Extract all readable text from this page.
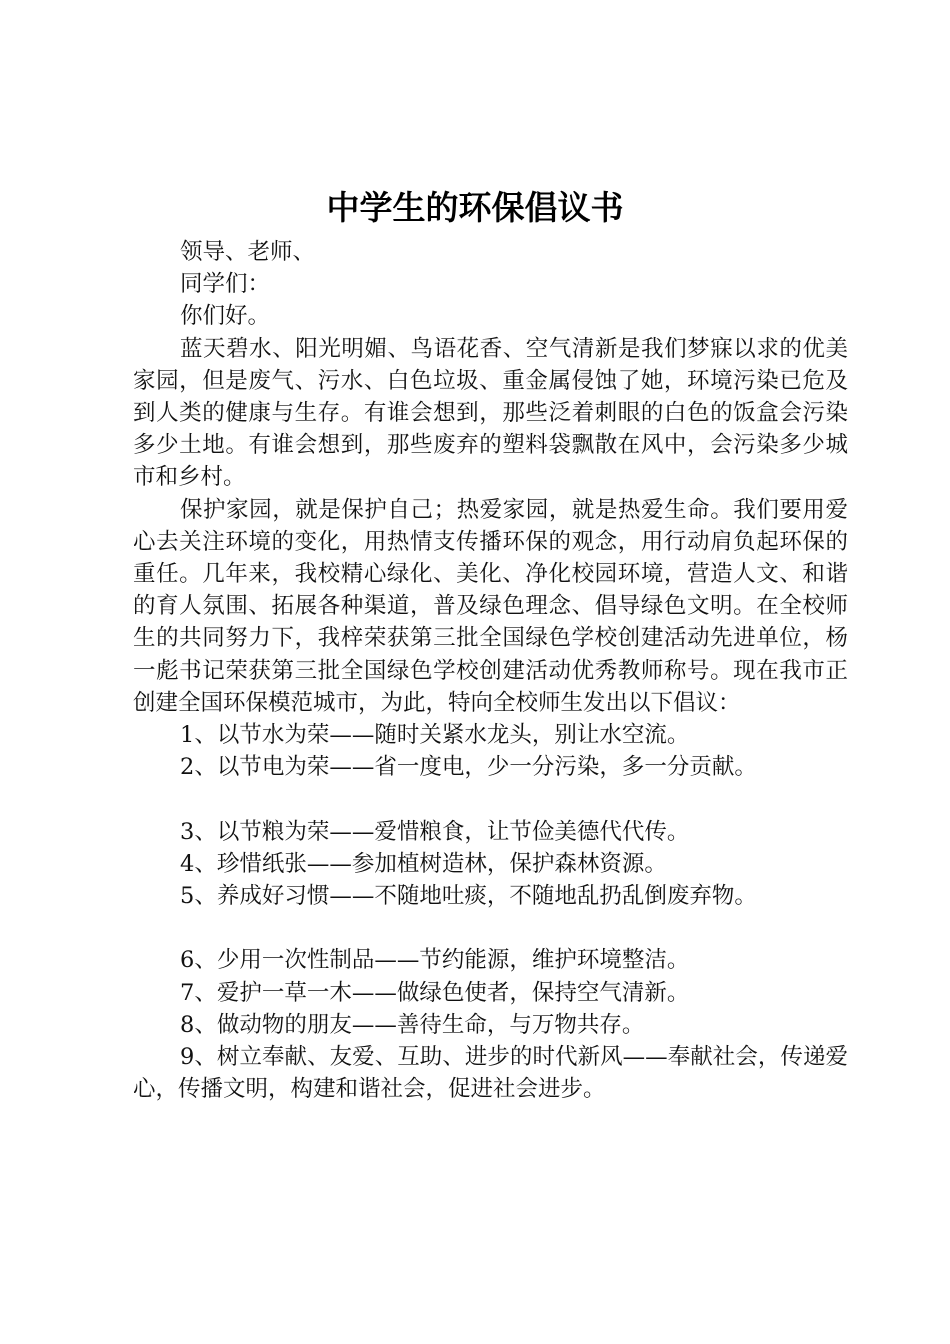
中学生的环保倡议书

领导、老师、

同学们：

你们好。

蓝天碧水、阳光明媚、鸟语花香、空气清新是我们梦寐以求的优美家园，但是废气、污水、白色垃圾、重金属侵蚀了她，环境污染已危及到人类的健康与生存。有谁会想到，那些泛着刺眼的白色的饭盒会污染多少土地。有谁会想到，那些废弃的塑料袋飘散在风中，会污染多少城市和乡村。

保护家园，就是保护自己；热爱家园，就是热爱生命。我们要用爱心去关注环境的变化，用热情支传播环保的观念，用行动肩负起环保的重任。几年来，我校精心绿化、美化、净化校园环境，营造人文、和谐的育人氛围、拓展各种渠道，普及绿色理念、倡导绿色文明。在全校师生的共同努力下，我梓荣获第三批全国绿色学校创建活动先进单位，杨一彪书记荣获第三批全国绿色学校创建活动优秀教师称号。现在我市正创建全国环保模范城市，为此，特向全校师生发出以下倡议：

1、以节水为荣——随时关紧水龙头，别让水空流。

2、以节电为荣——省一度电，少一分污染，多一分贡献。

3、以节粮为荣——爱惜粮食，让节俭美德代代传。

4、珍惜纸张——参加植树造林，保护森林资源。

5、养成好习惯——不随地吐痰，不随地乱扔乱倒废弃物。

6、少用一次性制品——节约能源，维护环境整洁。

7、爱护一草一木——做绿色使者，保持空气清新。

8、做动物的朋友——善待生命，与万物共存。

9、树立奉献、友爱、互助、进步的时代新风——奉献社会，传递爱心，传播文明，构建和谐社会，促进社会进步。
